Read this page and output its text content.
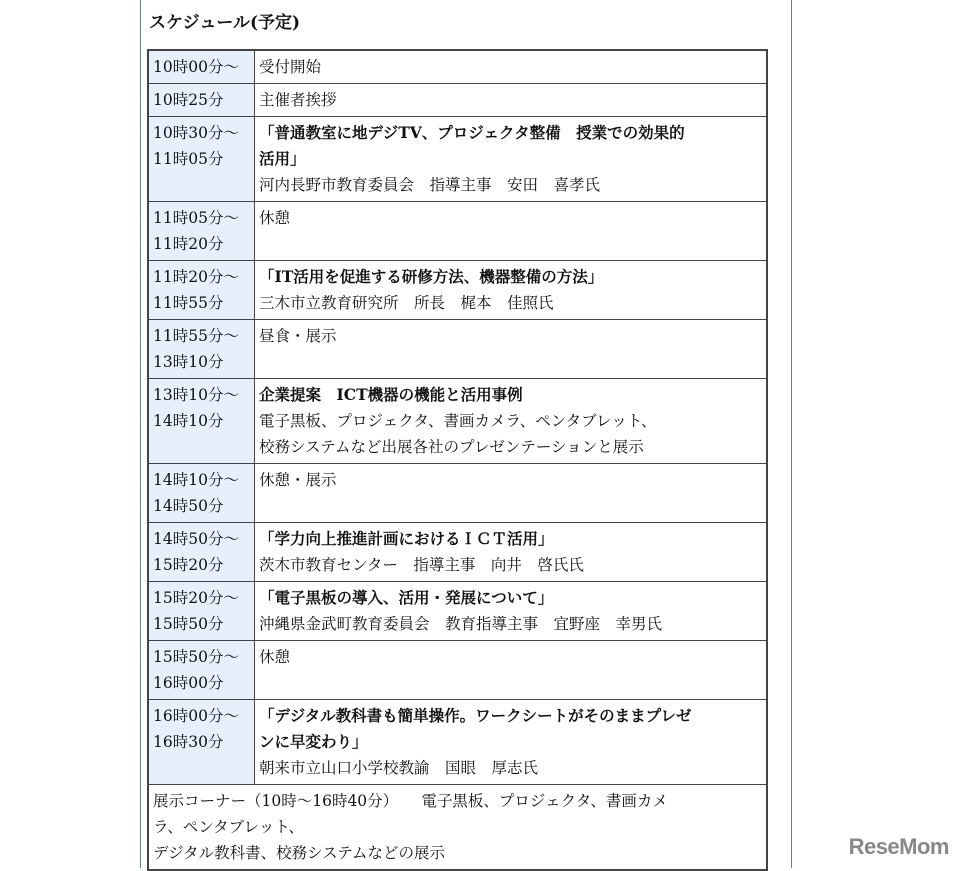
スケジュール(予定)
10時00分〜	受付開始

10時25分	主催者挨拶

10時30分〜
11時05分	「普通教室に地デジTV、プロジェクタ整備　授業での効果的
活用」
河内長野市教育委員会　指導主事　安田　喜孝氏

11時05分〜
11時20分	休憩

11時20分〜
11時55分	「IT活用を促進する研修方法、機器整備の方法」
三木市立教育研究所　所長　梶本　佳照氏

11時55分〜
13時10分	昼食・展示

13時10分〜
14時10分	企業提案　ICT機器の機能と活用事例
電子黒板、プロジェクタ、書画カメラ、ペンタブレット、
校務システムなど出展各社のプレゼンテーションと展示

14時10分〜
14時50分	休憩・展示

14時50分〜
15時20分	「学力向上推進計画におけるＩＣＴ活用」
茨木市教育センター　指導主事　向井　啓氏氏

15時20分〜
15時50分	「電子黒板の導入、活用・発展について」
沖縄県金武町教育委員会　教育指導主事　宜野座　幸男氏

15時50分〜
16時00分	休憩

16時00分〜
16時30分	「デジタル教科書も簡単操作。ワークシートがそのままプレゼ
ンに早変わり」
朝来市立山口小学校教諭　国眼　厚志氏

展示コーナー（10時〜16時40分）　　電子黒板、プロジェクタ、書画カメ
ラ、ペンタブレット、
デジタル教科書、校務システムなどの展示		ReseMom
